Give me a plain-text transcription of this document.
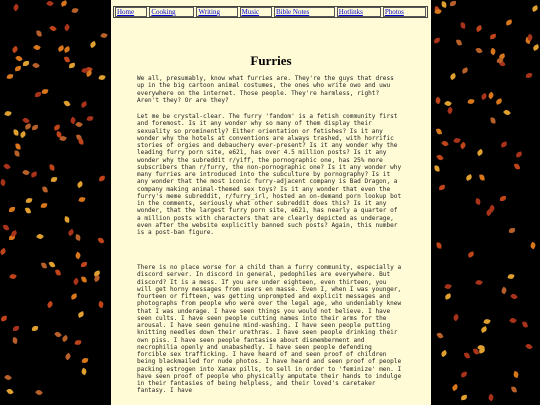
Home	Cooking	Writing	Music	Bible Notes	Hotlinks	Photos
Furries

We all, presumably, know what furries are. They're the guys that dress up in the big cartoon animal costumes, the ones who write owo and uwu everywhere on the internet. Those people. They're harmless, right? Aren't they? Or are they?

Let me be crystal-clear. The furry 'fandom' is a fetish community first and foremost. Is it any wonder why so many of them display their sexuality so prominently? Either orientation or fetishes? Is it any wonder why the hotels at conventions are always trashed, with horrific stories of orgies and debauchery ever-present? Is it any wonder why the leading furry porn site, e621, has over 4.5 million posts? Is it any wonder why the subreddit r/yiff, the pornographic one, has 25% more subscribers than r/furry, the non-pornographic one? Is it any wonder why many furries are introduced into the subculture by pornography? Is it any wonder that the most iconic furry-adjacent company is Bad Dragon, a company making animal-themed sex toys? Is it any wonder that even the furry's meme subreddit, r/furry_irl, hosted an on-demand porn lookup bot in the comments, seriously what other subreddit does this? Is it any wonder, that the largest furry porn site, e621, has nearly a quarter of a million posts with characters that are clearly depicted as underage, even after the website explicitly banned such posts? Again, this number is a post-ban figure.

There is no place worse for a child than a furry community, especially a discord server. In discord in general, pedophiles are everywhere. But discord? It is a mess. If you are under eighteen, even thirteen, you will get horny messages from users en masse. Even I, when I was younger, fourteen or fifteen, was getting unprompted and explicit messages and photographs from people who were over the legal age, who undeniably knew that I was underage. I have seen things you would not believe. I have seen cults. I have seen people cutting names into their arms for the arousal. I have seen genuine mind-washing. I have seen people putting knitting needles down their urethras. I have seen people drinking their own piss. I have seen people fantasise about dismemberment and necrophilia openly and unabashedly. I have seen people defending forcible sex trafficking. I have heard of and seen proof of children being blackmailed for nude photos. I have heard and seen proof of people packing estrogen into Xanax pills, to sell in order to 'feminize' men. I have seen proof of people who physically amputate their hands to indulge in their fantasies of being helpless, and their loved's caretaker fantasy. I have
